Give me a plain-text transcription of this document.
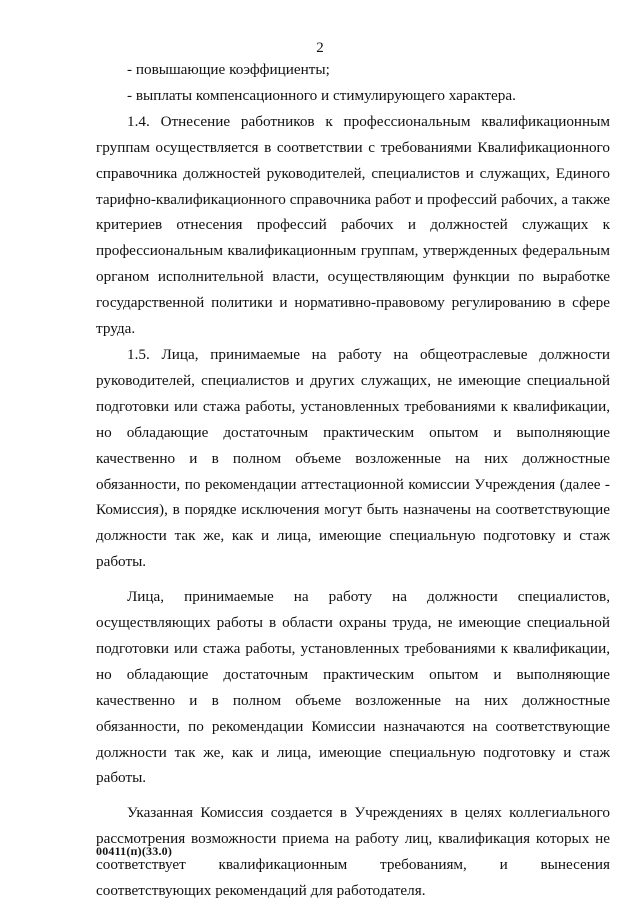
2

- повышающие коэффициенты;

- выплаты компенсационного и стимулирующего характера.

1.4. Отнесение работников к профессиональным квалификационным группам осуществляется в соответствии с требованиями Квалификационного справочника должностей руководителей, специалистов и служащих, Единого тарифно-квалификационного справочника работ и профессий рабочих, а также критериев отнесения профессий рабочих и должностей служащих к профессиональным квалификационным группам, утвержденных федеральным органом исполнительной власти, осуществляющим функции по выработке государственной политики и нормативно-правовому регулированию в сфере труда.

1.5. Лица, принимаемые на работу на общеотраслевые должности руководителей, специалистов и других служащих, не имеющие специальной подготовки или стажа работы, установленных требованиями к квалификации, но обладающие достаточным практическим опытом и выполняющие качественно и в полном объеме возложенные на них должностные обязанности, по рекомендации аттестационной комиссии Учреждения (далее - Комиссия), в порядке исключения могут быть назначены на соответствующие должности так же, как и лица, имеющие специальную подготовку и стаж работы.

Лица, принимаемые на работу на должности специалистов, осуществляющих работы в области охраны труда, не имеющие специальной подготовки или стажа работы, установленных требованиями к квалификации, но обладающие достаточным практическим опытом и выполняющие качественно и в полном объеме возложенные на них должностные обязанности, по рекомендации Комиссии назначаются на соответствующие должности так же, как и лица, имеющие специальную подготовку и стаж работы.

Указанная Комиссия создается в Учреждениях в целях коллегиального рассмотрения возможности приема на работу лиц, квалификация которых не соответствует квалификационным требованиям, и вынесения соответствующих рекомендаций для работодателя.

00411(п)(33.0)
